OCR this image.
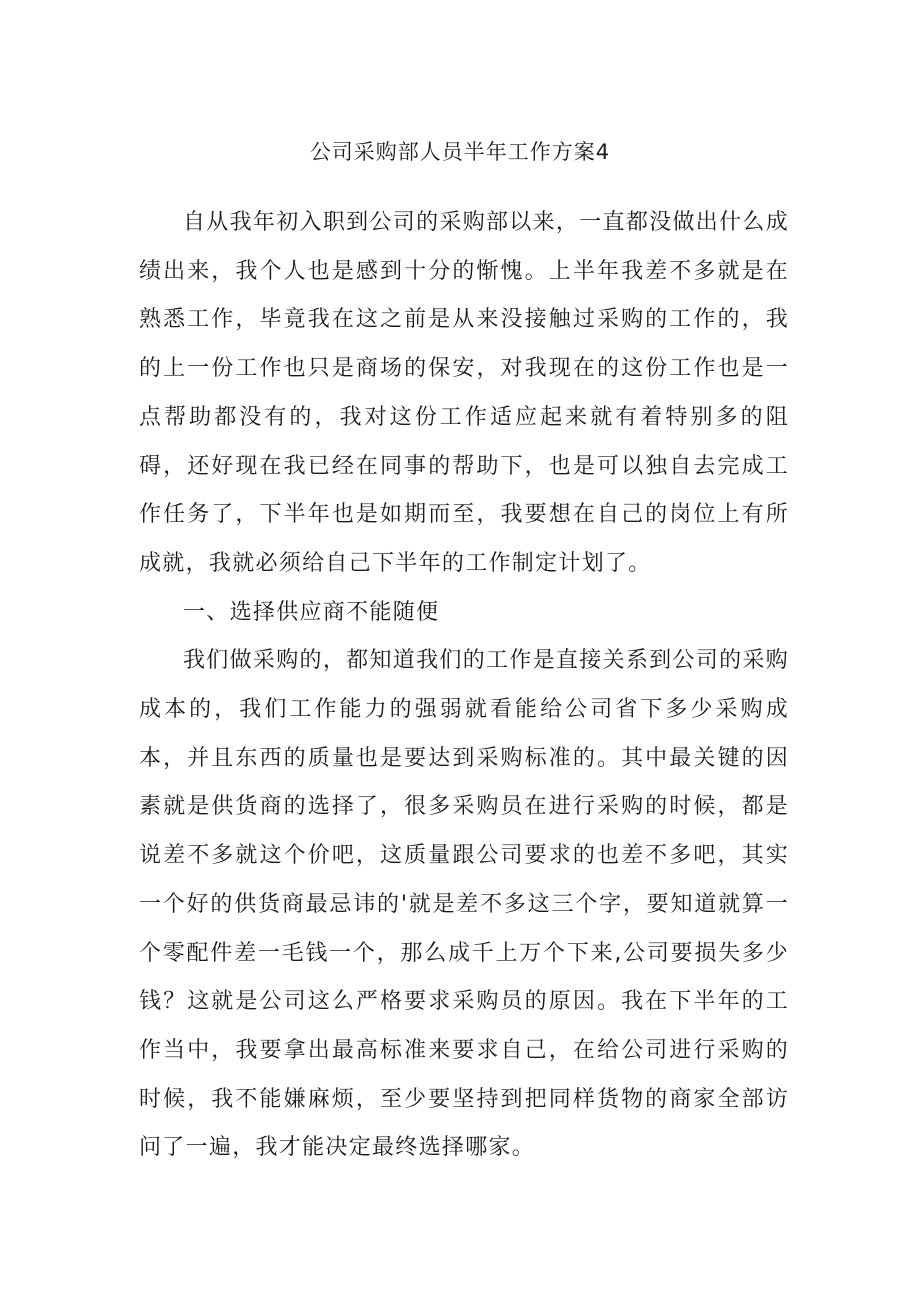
公司采购部人员半年工作方案4

自从我年初入职到公司的采购部以来，一直都没做出什么成绩出来，我个人也是感到十分的惭愧。上半年我差不多就是在熟悉工作，毕竟我在这之前是从来没接触过采购的工作的，我的上一份工作也只是商场的保安，对我现在的这份工作也是一点帮助都没有的，我对这份工作适应起来就有着特别多的阻碍，还好现在我已经在同事的帮助下，也是可以独自去完成工作任务了，下半年也是如期而至，我要想在自己的岗位上有所成就，我就必须给自己下半年的工作制定计划了。

一、选择供应商不能随便

我们做采购的，都知道我们的工作是直接关系到公司的采购成本的，我们工作能力的强弱就看能给公司省下多少采购成本，并且东西的质量也是要达到采购标准的。其中最关键的因素就是供货商的选择了，很多采购员在进行采购的时候，都是说差不多就这个价吧，这质量跟公司要求的也差不多吧，其实一个好的供货商最忌讳的'就是差不多这三个字，要知道就算一个零配件差一毛钱一个，那么成千上万个下来,公司要损失多少钱？这就是公司这么严格要求采购员的原因。我在下半年的工作当中，我要拿出最高标准来要求自己，在给公司进行采购的时候，我不能嫌麻烦，至少要坚持到把同样货物的商家全部访问了一遍，我才能决定最终选择哪家。
